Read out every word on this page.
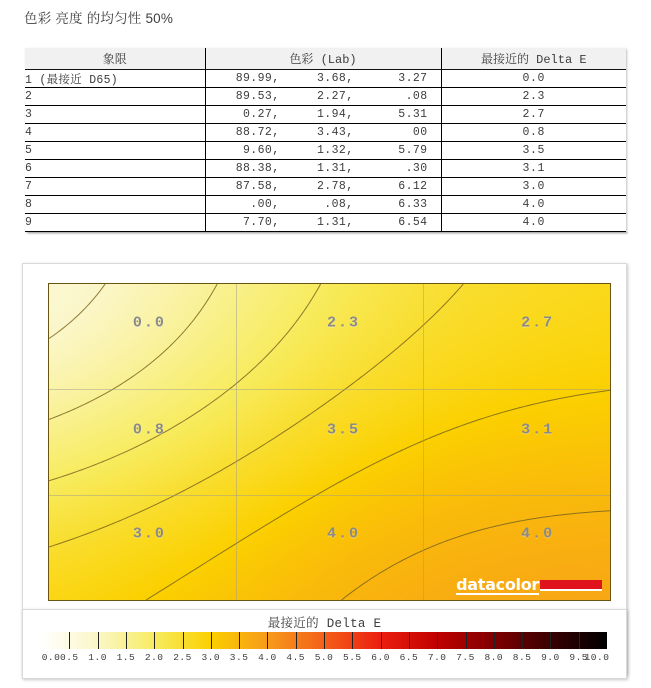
色彩 亮度 的均匀性 50%
象限	色彩 (Lab)	最接近的 Delta E
1 (最接近 D65)	89.99, 3.68, 3.27	0.0
2	89.53, 2.27, .08	2.3
3	0.27, 1.94, 5.31	2.7
4	88.72, 3.43, 00	0.8
5	9.60, 1.32, 5.79	3.5
6	88.38, 1.31, .30	3.1
7	87.58, 2.78, 6.12	3.0
8	.00, .08, 6.33	4.0
9	7.70, 1.31, 6.54	4.0
0.0	2.3	2.7
0.8	3.5	3.1
3.0	4.0	4.0
datacolor
最接近的 Delta E
0.0 0.5 1.0 1.5 2.0 2.5 3.0 3.5 4.0 4.5 5.0 5.5 6.0 6.5 7.0 7.5 8.0 8.5 9.0 9.5
10.0
